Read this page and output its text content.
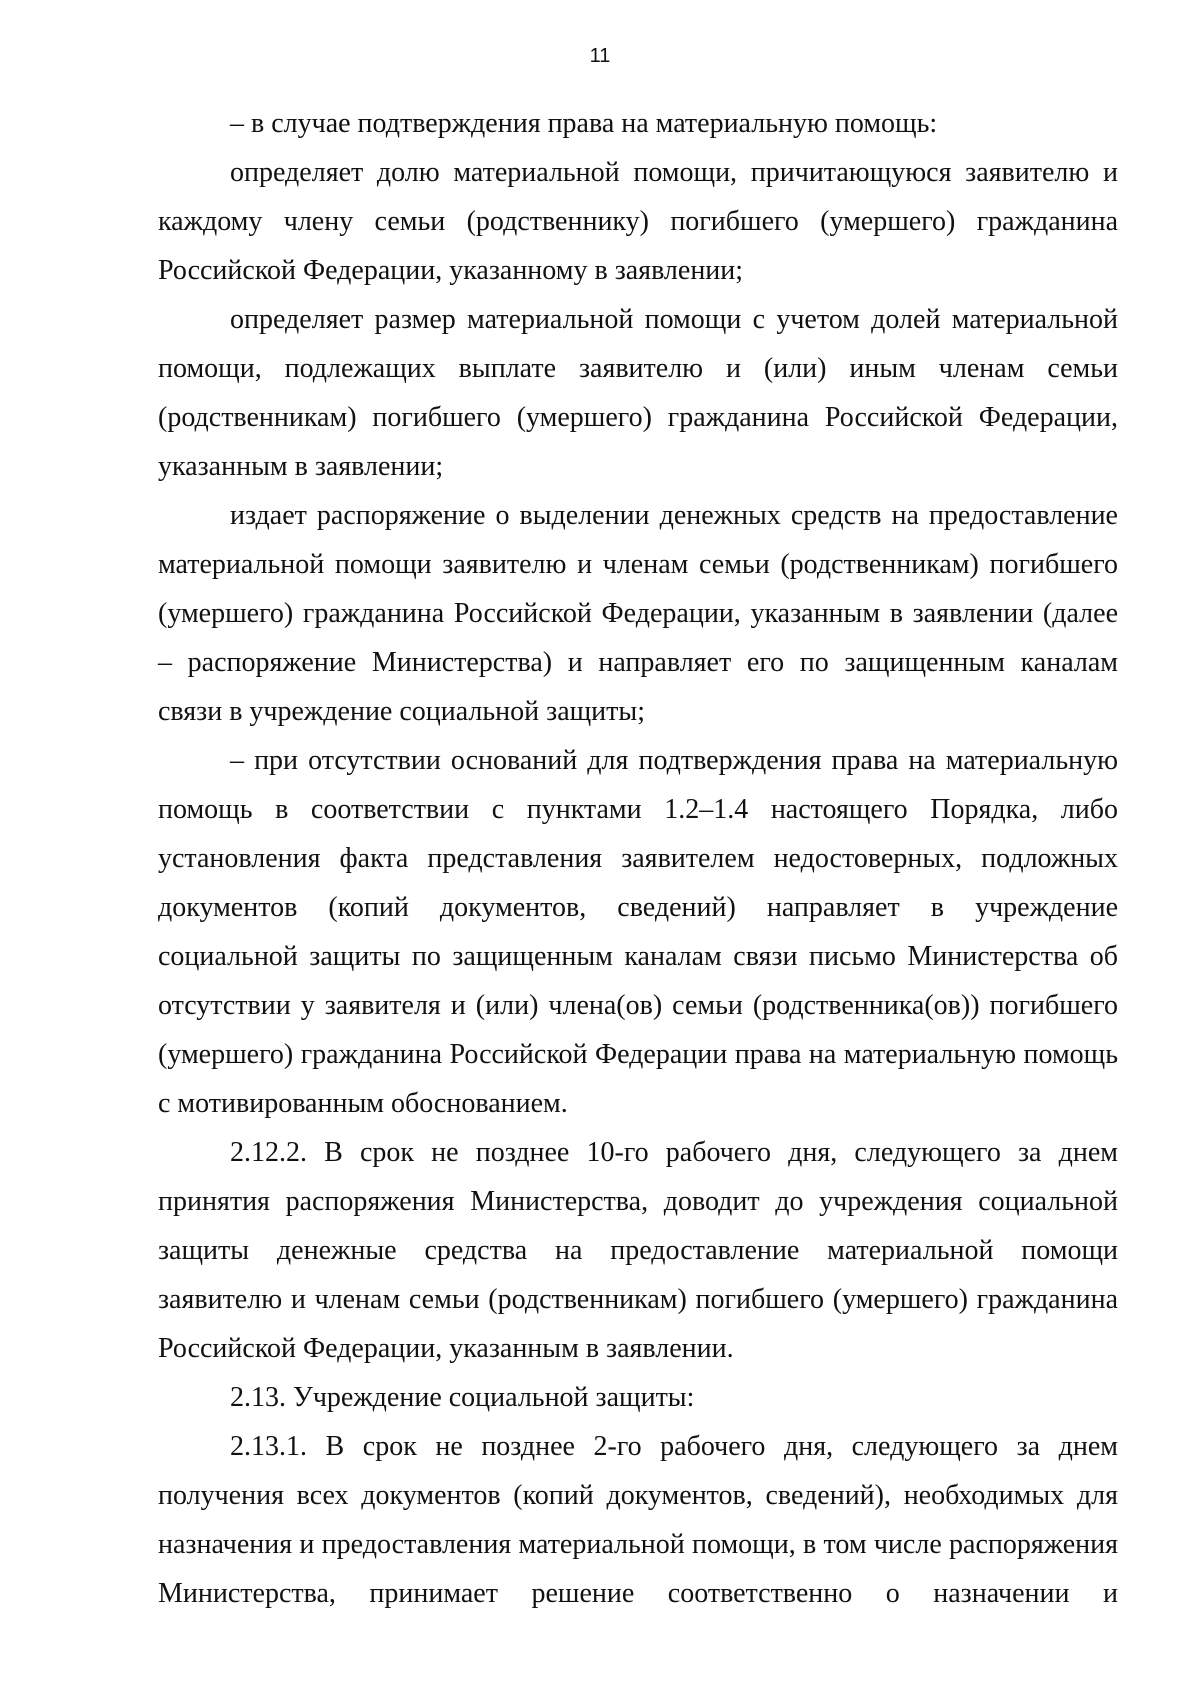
11

– в случае подтверждения права на материальную помощь:

определяет долю материальной помощи, причитающуюся заявителю и каждому члену семьи (родственнику) погибшего (умершего) гражданина Российской Федерации, указанному в заявлении;

определяет размер материальной помощи с учетом долей материальной помощи, подлежащих выплате заявителю и (или) иным членам семьи (родственникам) погибшего (умершего) гражданина Российской Федерации, указанным в заявлении;

издает распоряжение о выделении денежных средств на предоставление материальной помощи заявителю и членам семьи (родственникам) погибшего (умершего) гражданина Российской Федерации, указанным в заявлении (далее – распоряжение Министерства) и направляет его по защищенным каналам связи в учреждение социальной защиты;

– при отсутствии оснований для подтверждения права на материальную помощь в соответствии с пунктами 1.2–1.4 настоящего Порядка, либо установления факта представления заявителем недостоверных, подложных документов (копий документов, сведений) направляет в учреждение социальной защиты по защищенным каналам связи письмо Министерства об отсутствии у заявителя и (или) члена(ов) семьи (родственника(ов)) погибшего (умершего) гражданина Российской Федерации права на материальную помощь с мотивированным обоснованием.

2.12.2. В срок не позднее 10-го рабочего дня, следующего за днем принятия распоряжения Министерства, доводит до учреждения социальной защиты денежные средства на предоставление материальной помощи заявителю и членам семьи (родственникам) погибшего (умершего) гражданина Российской Федерации, указанным в заявлении.

2.13. Учреждение социальной защиты:

2.13.1. В срок не позднее 2-го рабочего дня, следующего за днем получения всех документов (копий документов, сведений), необходимых для назначения и предоставления материальной помощи, в том числе распоряжения Министерства, принимает решение соответственно о назначении и
